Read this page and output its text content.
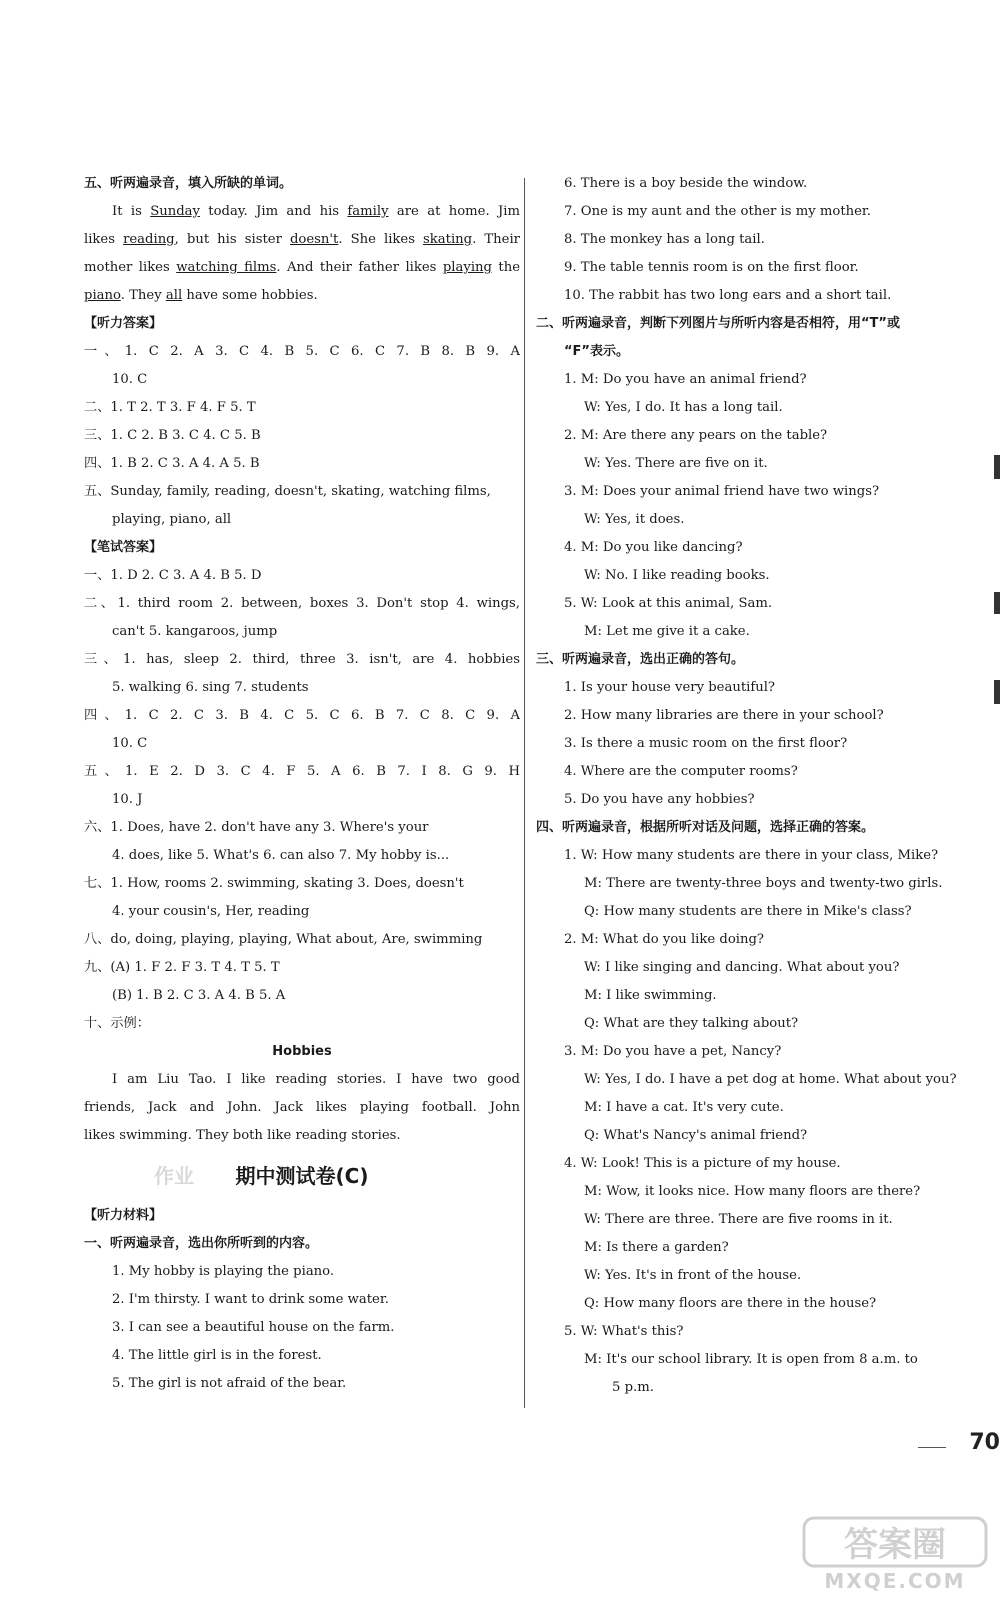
五、听两遍录音，填入所缺的单词。
It is Sunday today. Jim and his family are at home. Jim
likes reading, but his sister doesn't. She likes skating. Their
mother likes watching films. And their father likes playing the
piano. They all have some hobbies.
【听力答案】
一、1. C 2. A 3. C 4. B 5. C 6. C 7. B 8. B 9. A
10. C
二、1. T 2. T 3. F 4. F 5. T
三、1. C 2. B 3. C 4. C 5. B
四、1. B 2. C 3. A 4. A 5. B
五、Sunday, family, reading, doesn't, skating, watching films,
playing, piano, all
【笔试答案】
一、1. D 2. C 3. A 4. B 5. D
二、1. third room 2. between, boxes 3. Don't stop 4. wings,
can't 5. kangaroos, jump
三、1. has, sleep 2. third, three 3. isn't, are 4. hobbies
5. walking 6. sing 7. students
四、1. C 2. C 3. B 4. C 5. C 6. B 7. C 8. C 9. A
10. C
五、1. E 2. D 3. C 4. F 5. A 6. B 7. I 8. G 9. H
10. J
六、1. Does, have 2. don't have any 3. Where's your
4. does, like 5. What's 6. can also 7. My hobby is...
七、1. How, rooms 2. swimming, skating 3. Does, doesn't
4. your cousin's, Her, reading
八、do, doing, playing, playing, What about, Are, swimming
九、(A) 1. F 2. F 3. T 4. T 5. T
(B) 1. B 2. C 3. A 4. B 5. A
十、示例：
Hobbies
I am Liu Tao. I like reading stories. I have two good
friends, Jack and John. Jack likes playing football. John
likes swimming. They both like reading stories.
作业 期中测试卷(C)
【听力材料】
一、听两遍录音，选出你所听到的内容。
1. My hobby is playing the piano.
2. I'm thirsty. I want to drink some water.
3. I can see a beautiful house on the farm.
4. The little girl is in the forest.
5. The girl is not afraid of the bear.
6. There is a boy beside the window.
7. One is my aunt and the other is my mother.
8. The monkey has a long tail.
9. The table tennis room is on the first floor.
10. The rabbit has two long ears and a short tail.
二、听两遍录音，判断下列图片与所听内容是否相符，用“T”或
“F”表示。
1. M: Do you have an animal friend?
W: Yes, I do. It has a long tail.
2. M: Are there any pears on the table?
W: Yes. There are five on it.
3. M: Does your animal friend have two wings?
W: Yes, it does.
4. M: Do you like dancing?
W: No. I like reading books.
5. W: Look at this animal, Sam.
M: Let me give it a cake.
三、听两遍录音，选出正确的答句。
1. Is your house very beautiful?
2. How many libraries are there in your school?
3. Is there a music room on the first floor?
4. Where are the computer rooms?
5. Do you have any hobbies?
四、听两遍录音，根据所听对话及问题，选择正确的答案。
1. W: How many students are there in your class, Mike?
M: There are twenty-three boys and twenty-two girls.
Q: How many students are there in Mike's class?
2. M: What do you like doing?
W: I like singing and dancing. What about you?
M: I like swimming.
Q: What are they talking about?
3. M: Do you have a pet, Nancy?
W: Yes, I do. I have a pet dog at home. What about you?
M: I have a cat. It's very cute.
Q: What's Nancy's animal friend?
4. W: Look! This is a picture of my house.
M: Wow, it looks nice. How many floors are there?
W: There are three. There are five rooms in it.
M: Is there a garden?
W: Yes. It's in front of the house.
Q: How many floors are there in the house?
5. W: What's this?
M: It's our school library. It is open from 8 a.m. to
5 p.m.
70
答案圈
MXQE.COM
